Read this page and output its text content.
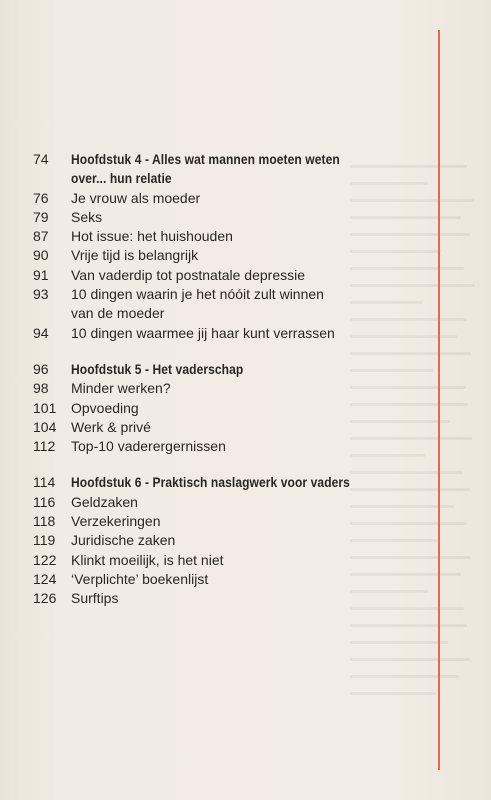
74	Hoofdstuk 4 - Alles wat mannen moeten weten
over... hun relatie
76	Je vrouw als moeder
79	Seks
87	Hot issue: het huishouden
90	Vrije tijd is belangrijk
91	Van vaderdip tot postnatale depressie
93	10 dingen waarin je het nóóit zult winnen
van de moeder
94	10 dingen waarmee jij haar kunt verrassen
96	Hoofdstuk 5 - Het vaderschap
98	Minder werken?
101	Opvoeding
104	Werk & privé
112	Top-10 vaderergernissen
114	Hoofdstuk 6 - Praktisch naslagwerk voor vaders
116	Geldzaken
118	Verzekeringen
119	Juridische zaken
122	Klinkt moeilijk, is het niet
124	‘Verplichte’ boekenlijst
126	Surftips
